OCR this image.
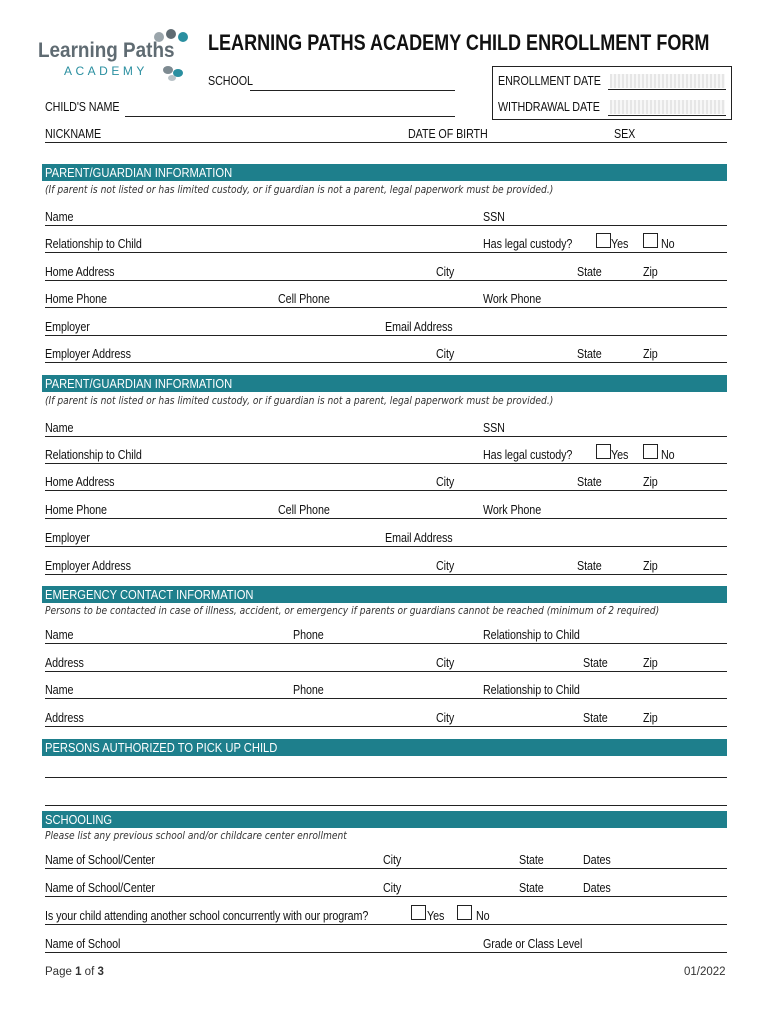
Learning Paths
ACADEMY
LEARNING PATHS ACADEMY CHILD ENROLLMENT FORM
SCHOOL	ENROLLMENT DATE
WITHDRAWAL DATE
CHILD'S NAME
NICKNAME	DATE OF BIRTH	SEX
PARENT/GUARDIAN INFORMATION
(If parent is not listed or has limited custody, or if guardian is not a parent, legal paperwork must be provided.)
Name	SSN
Relationship to Child	Has legal custody?	Yes	No
Home Address	City	State	Zip
Home Phone	Cell Phone	Work Phone
Employer	Email Address
Employer Address	City	State	Zip
PARENT/GUARDIAN INFORMATION
(If parent is not listed or has limited custody, or if guardian is not a parent, legal paperwork must be provided.)
Name	SSN
Relationship to Child	Has legal custody?	Yes	No
Home Address	City	State	Zip
Home Phone	Cell Phone	Work Phone
Employer	Email Address
Employer Address	City	State	Zip
EMERGENCY CONTACT INFORMATION
Persons to be contacted in case of illness, accident, or emergency if parents or guardians cannot be reached (minimum of 2 required)
Name	Phone	Relationship to Child
Address	City	State	Zip
Name	Phone	Relationship to Child
Address	City	State	Zip
PERSONS AUTHORIZED TO PICK UP CHILD
SCHOOLING
Please list any previous school and/or childcare center enrollment
Name of School/Center	City	State	Dates
Name of School/Center	City	State	Dates
Is your child attending another school concurrently with our program?	Yes	No
Name of School	Grade or Class Level
Page 1 of 3	01/2022
